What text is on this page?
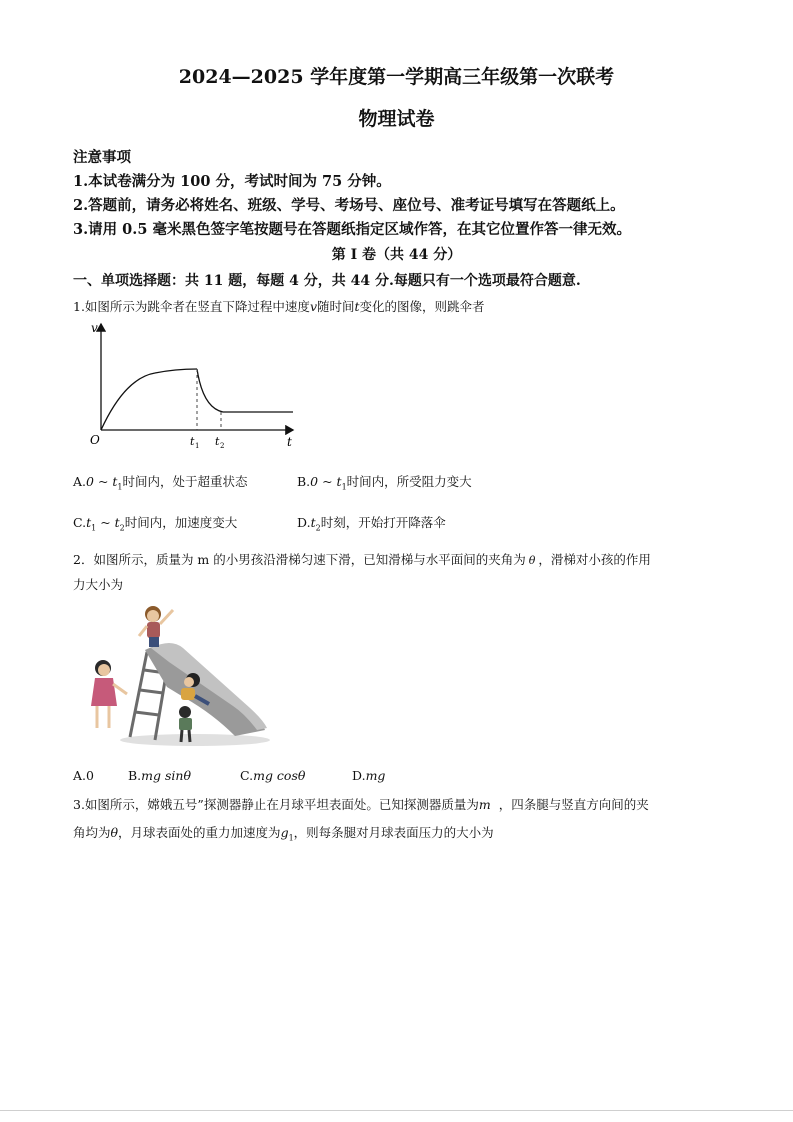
2024—2025 学年度第一学期高三年级第一次联考
物理试卷
注意事项
1.本试卷满分为 100 分，考试时间为 75 分钟。
2.答题前，请务必将姓名、班级、学号、考场号、座位号、准考证号填写在答题纸上。
3.请用 0.5 毫米黑色签字笔按题号在答题纸指定区域作答，在其它位置作答一律无效。
第 I 卷（共 44 分）
一、单项选择题：共 11 题，每题 4 分，共 44 分.每题只有一个选项最符合题意.
1.如图所示为跳伞者在竖直下降过程中速度v随时间t变化的图像，则跳伞者
v
t
O	t 1 t 2
A.0 ~ $t_1$时间内，处于超重状态	B.0 ~ $t_1$时间内，所受阻力变大
$C.t_1$ ~ $t_2$时间内，加速度变大	$D.t_2$时刻，开始打开降落伞
2．如图所示，质量为 m 的小男孩沿滑梯匀速下滑，已知滑梯与水平面间的夹角为 θ ，滑梯对小孩的作用
力大小为
A.0	B.mg sinθ	C.mg cosθ	D.mg
3.如图所示，嫦娥五号”探测器静止在月球平坦表面处。已知探测器质量为m ，四条腿与竖直方向间的夹
角均为θ，月球表面处的重力加速度为$g_1$，则每条腿对月球表面压力的大小为
